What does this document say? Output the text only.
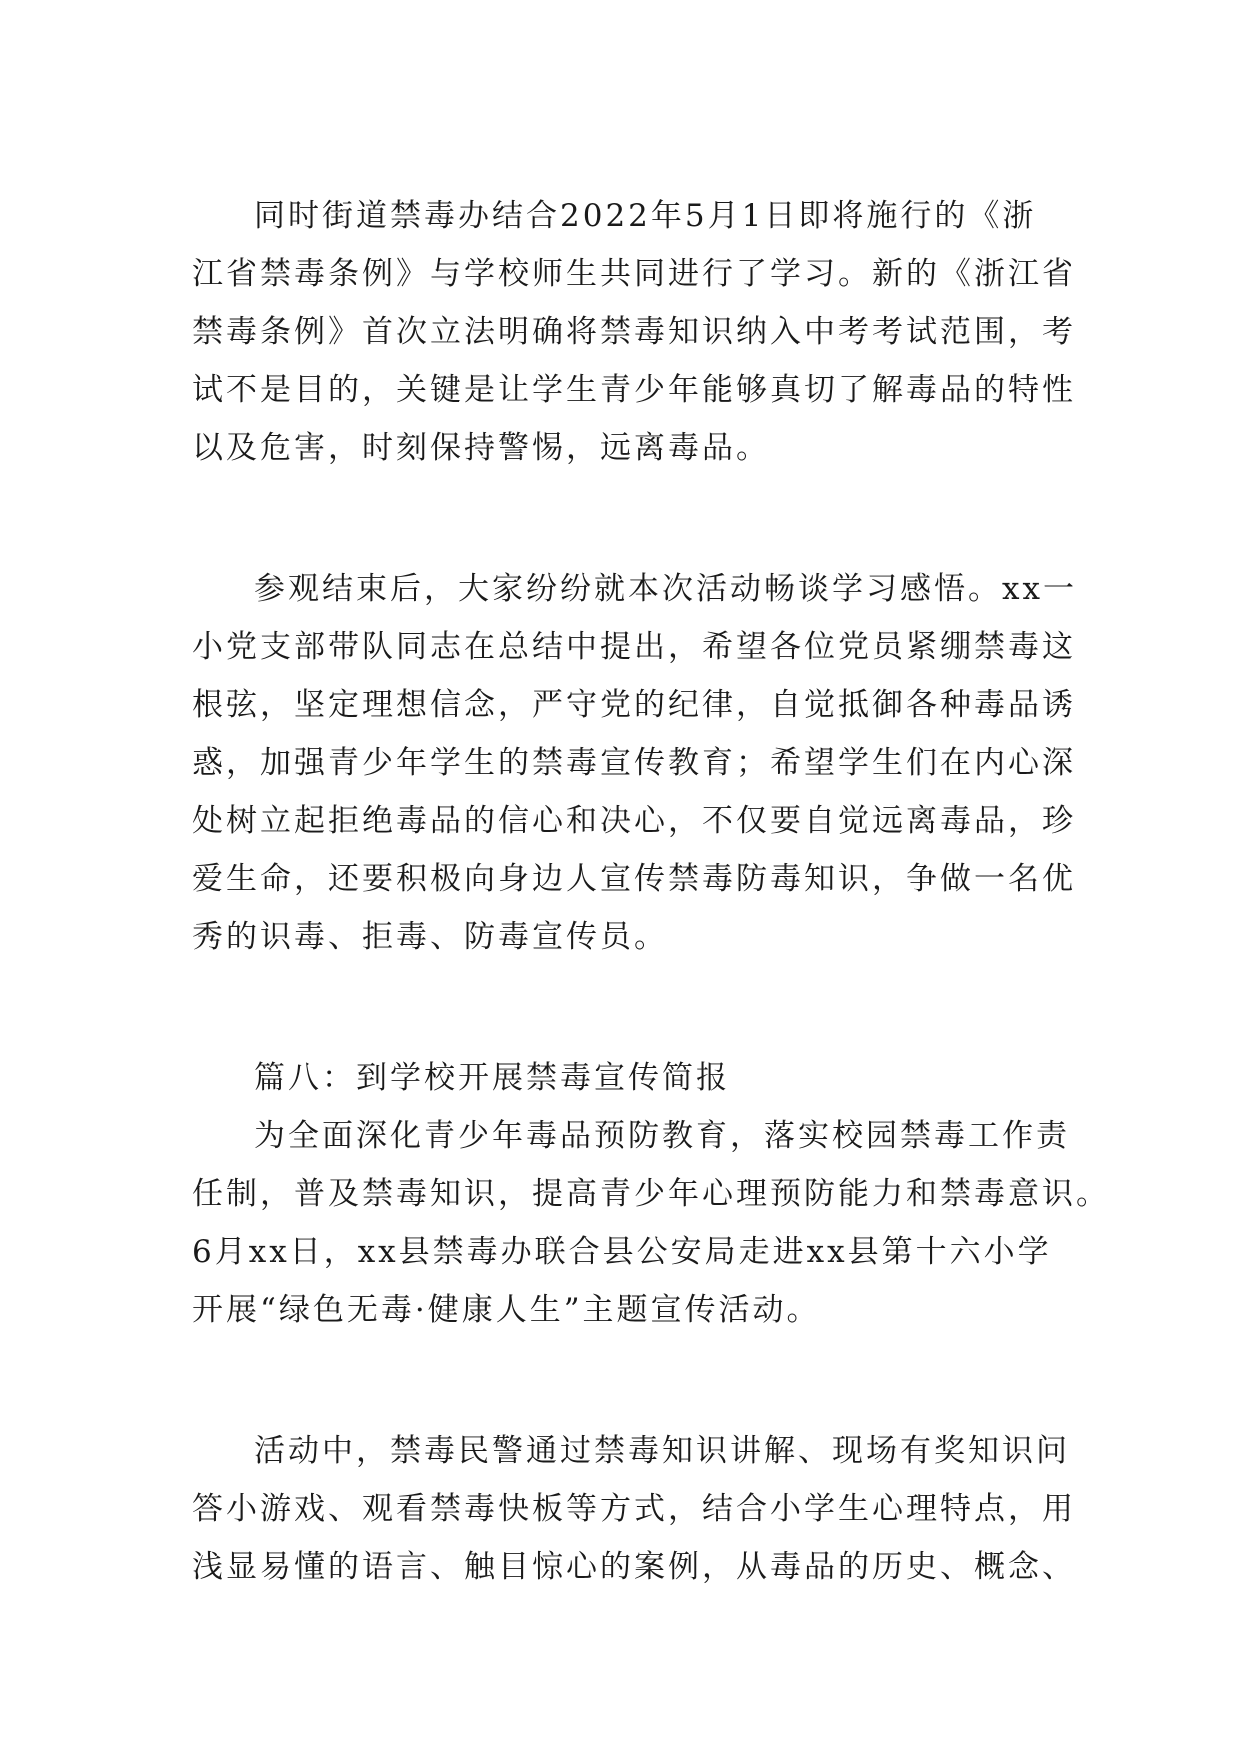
同时街道禁毒办结合2022年5月1日即将施行的《浙
江省禁毒条例》与学校师生共同进行了学习。新的《浙江省
禁毒条例》首次立法明确将禁毒知识纳入中考考试范围，考
试不是目的，关键是让学生青少年能够真切了解毒品的特性
以及危害，时刻保持警惕，远离毒品。
参观结束后，大家纷纷就本次活动畅谈学习感悟。xx一
小党支部带队同志在总结中提出，希望各位党员紧绷禁毒这
根弦，坚定理想信念，严守党的纪律，自觉抵御各种毒品诱
惑，加强青少年学生的禁毒宣传教育；希望学生们在内心深
处树立起拒绝毒品的信心和决心，不仅要自觉远离毒品，珍
爱生命，还要积极向身边人宣传禁毒防毒知识，争做一名优
秀的识毒、拒毒、防毒宣传员。
篇八：到学校开展禁毒宣传简报
为全面深化青少年毒品预防教育，落实校园禁毒工作责
任制，普及禁毒知识，提高青少年心理预防能力和禁毒意识。
6月xx日，xx县禁毒办联合县公安局走进xx县第十六小学
开展“绿色无毒·健康人生”主题宣传活动。
活动中，禁毒民警通过禁毒知识讲解、现场有奖知识问
答小游戏、观看禁毒快板等方式，结合小学生心理特点，用
浅显易懂的语言、触目惊心的案例，从毒品的历史、概念、
